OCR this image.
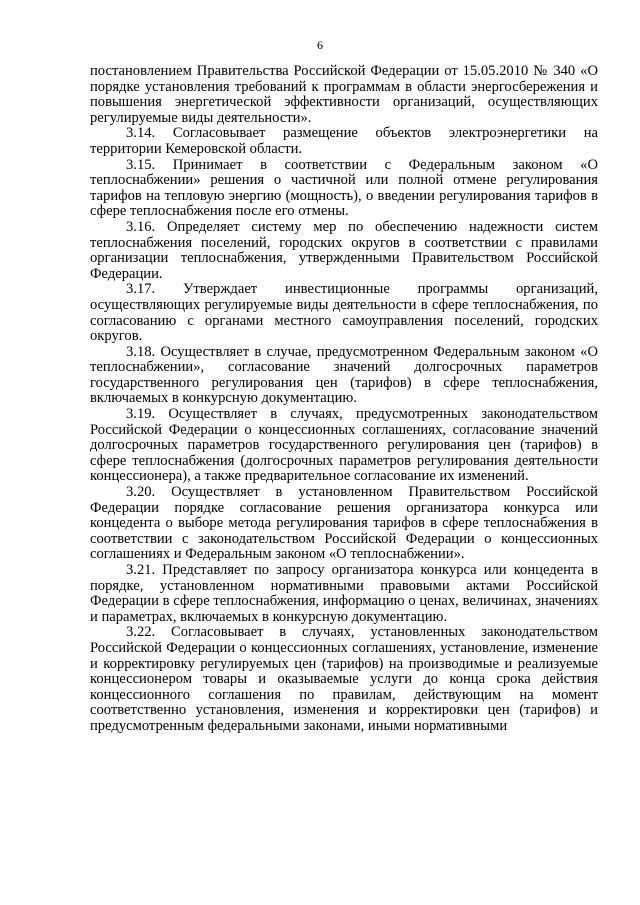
6

постановлением Правительства Российской Федерации от 15.05.2010 № 340 «О порядке установления требований к программам в области энергосбережения и повышения энергетической эффективности организаций, осуществляющих регулируемые виды деятельности».

3.14. Согласовывает размещение объектов электроэнергетики на территории Кемеровской области.

3.15. Принимает в соответствии с Федеральным законом «О теплоснабжении» решения о частичной или полной отмене регулирования тарифов на тепловую энергию (мощность), о введении регулирования тарифов в сфере теплоснабжения после его отмены.

3.16. Определяет систему мер по обеспечению надежности систем теплоснабжения поселений, городских округов в соответствии с правилами организации теплоснабжения, утвержденными Правительством Российской Федерации.

3.17. Утверждает инвестиционные программы организаций, осуществляющих регулируемые виды деятельности в сфере теплоснабжения, по согласованию с органами местного самоуправления поселений, городских округов.

3.18. Осуществляет в случае, предусмотренном Федеральным законом «О теплоснабжении», согласование значений долгосрочных параметров государственного регулирования цен (тарифов) в сфере теплоснабжения, включаемых в конкурсную документацию.

3.19. Осуществляет в случаях, предусмотренных законодательством Российской Федерации о концессионных соглашениях, согласование значений долгосрочных параметров государственного регулирования цен (тарифов) в сфере теплоснабжения (долгосрочных параметров регулирования деятельности концессионера), а также предварительное согласование их изменений.

3.20. Осуществляет в установленном Правительством Российской Федерации порядке согласование решения организатора конкурса или концедента о выборе метода регулирования тарифов в сфере теплоснабжения в соответствии с законодательством Российской Федерации о концессионных соглашениях и Федеральным законом «О теплоснабжении».

3.21. Представляет по запросу организатора конкурса или концедента в порядке, установленном нормативными правовыми актами Российской Федерации в сфере теплоснабжения, информацию о ценах, величинах, значениях и параметрах, включаемых в конкурсную документацию.

3.22. Согласовывает в случаях, установленных законодательством Российской Федерации о концессионных соглашениях, установление, изменение и корректировку регулируемых цен (тарифов) на производимые и реализуемые концессионером товары и оказываемые услуги до конца срока действия концессионного соглашения по правилам, действующим на момент соответственно установления, изменения и корректировки цен (тарифов) и предусмотренным федеральными законами, иными нормативными
